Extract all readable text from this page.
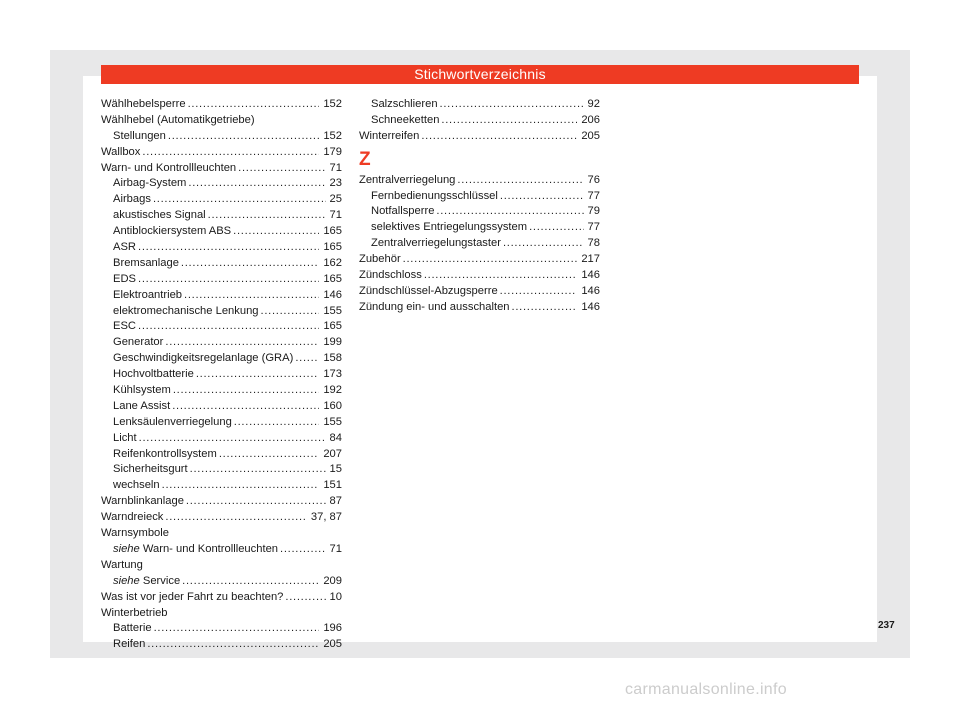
Stichwortverzeichnis
Wählhebelsperre . . .	152
Wählhebel (Automatikgetriebe)
Stellungen . . .	152
Wallbox . . .	179
Warn- und Kontrollleuchten . . .	71
Airbag-System . . .	23
Airbags . . .	25
akustisches Signal . . .	71
Antiblockiersystem ABS . . .	165
ASR . . .	165
Bremsanlage . . .	162
EDS . . .	165
Elektroantrieb . . .	146
elektromechanische Lenkung . . .	155
ESC . . .	165
Generator . . .	199
Geschwindigkeitsregelanlage (GRA) . . .	158
Hochvoltbatterie . . .	173
Kühlsystem . . .	192
Lane Assist . . .	160
Lenksäulenverriegelung . . .	155
Licht . . .	84
Reifenkontrollsystem . . .	207
Sicherheitsgurt . . .	15
wechseln . . .	151
Warnblinkanlage . . .	87
Warndreieck . . .	37, 87
Warnsymbole
siehe Warn- und Kontrollleuchten . . .	71
Wartung
siehe Service . . .	209
Was ist vor jeder Fahrt zu beachten? . . .	10
Winterbetrieb
Batterie . . .	196
Reifen . . .	205
Salzschlieren . . .	92
Schneeketten . . .	206
Winterreifen . . .	205
Z
Zentralverriegelung . . .	76
Fernbedienungsschlüssel . . .	77
Notfallsperre . . .	79
selektives Entriegelungssystem . . .	77
Zentralverriegelungstaster . . .	78
Zubehör . . .	217
Zündschloss . . .	146
Zündschlüssel-Abzugsperre . . .	146
Zündung ein- und ausschalten . . .	146
237
carmanualsonline.info
